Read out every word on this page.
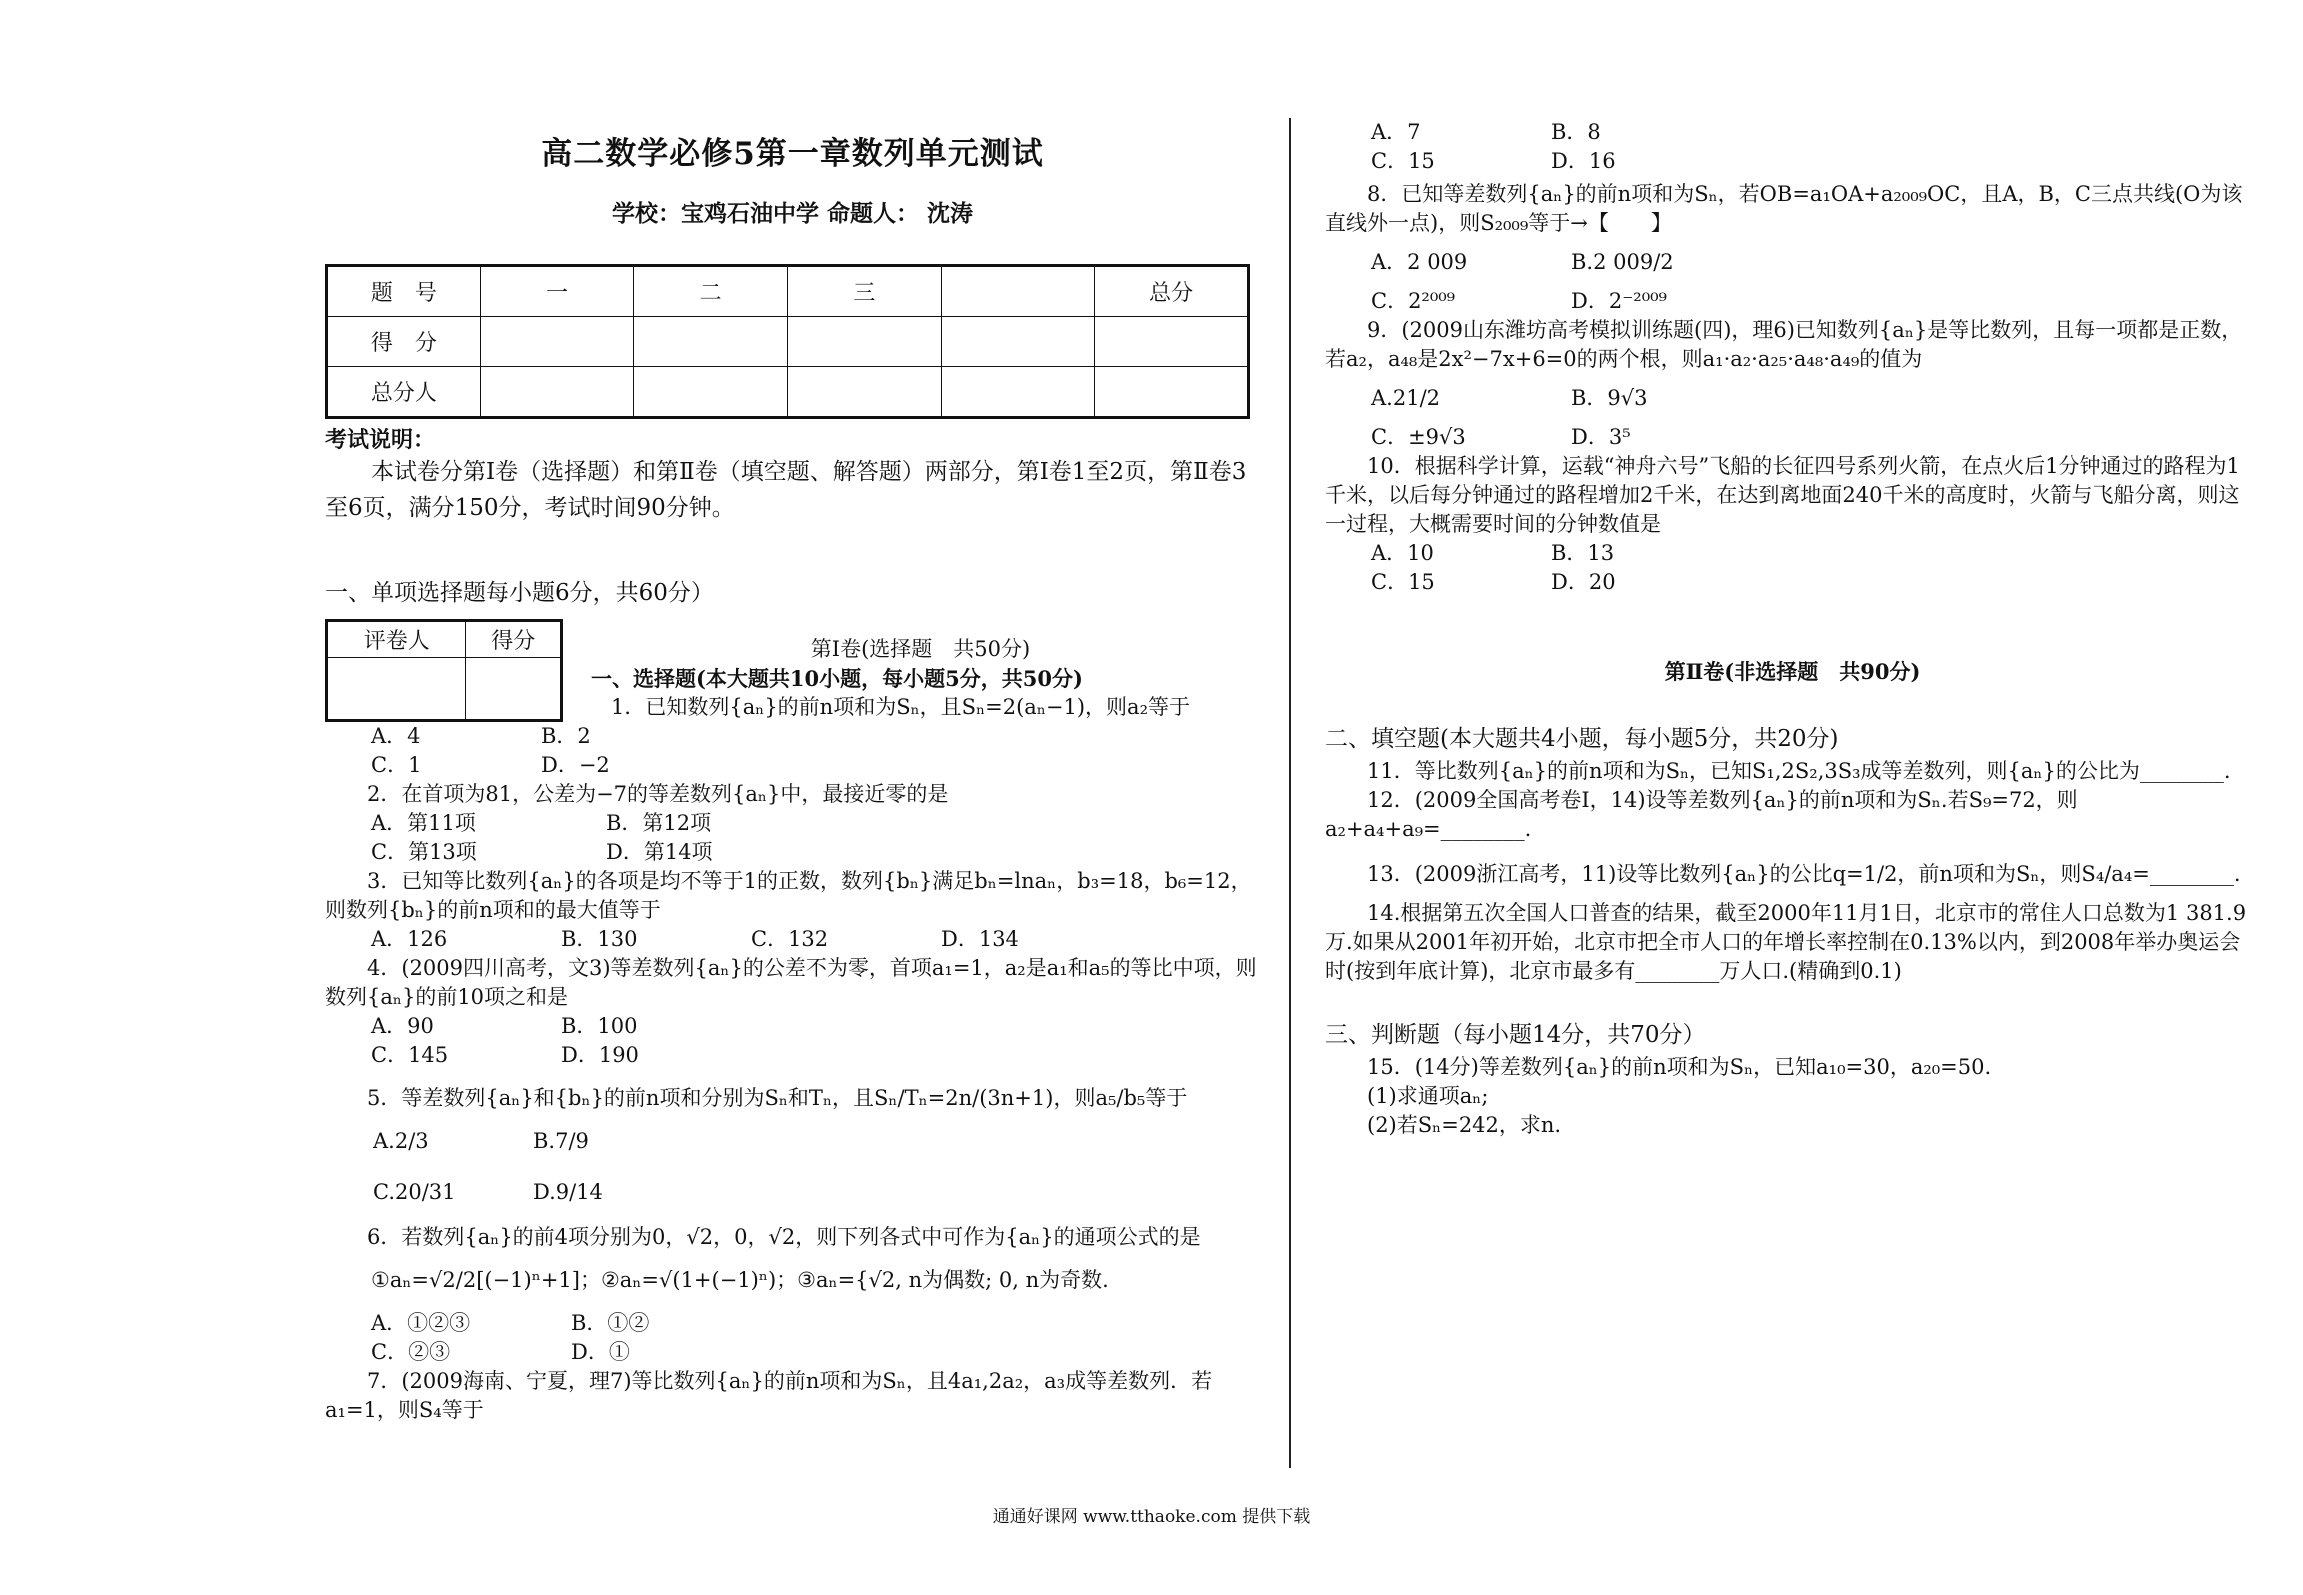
高二数学必修5第一章数列单元测试
学校：宝鸡石油中学 命题人： 沈涛
题　号	一	二	三		总分
得　分					
总分人					
考试说明：

本试卷分第Ⅰ卷（选择题）和第Ⅱ卷（填空题、解答题）两部分，第Ⅰ卷1至2页，第Ⅱ卷3至6页，满分150分，考试时间90分钟。

一、单项选择题每小题6分，共60分）
评卷人	得分
		第Ⅰ卷(选择题　共50分)

一、选择题(本大题共10小题，每小题5分，共50分)

1．已知数列{aₙ}的前n项和为Sₙ，且Sₙ=2(aₙ−1)，则a₂等于

A．4	B．2
C．1	D．−2

2．在首项为81，公差为−7的等差数列{aₙ}中，最接近零的是

A．第11项	B．第12项
C．第13项	D．第14项

3．已知等比数列{aₙ}的各项是均不等于1的正数，数列{bₙ}满足bₙ=lnaₙ，b₃=18，b₆=12，则数列{bₙ}的前n项和的最大值等于

A．126	B．130	C．132	D．134

4．(2009四川高考，文3)等差数列{aₙ}的公差不为零，首项a₁=1，a₂是a₁和a₅的等比中项，则数列{aₙ}的前10项之和是

A．90	B．100
C．145	D．190

5．等差数列{aₙ}和{bₙ}的前n项和分别为Sₙ和Tₙ，且Sₙ/Tₙ=2n/(3n+1)，则a₅/b₅等于

A.2/3	B.7/9
C.20/31	D.9/14

6．若数列{aₙ}的前4项分别为0，√2，0，√2，则下列各式中可作为{aₙ}的通项公式的是

①aₙ=√2/2[(−1)ⁿ+1]；②aₙ=√(1+(−1)ⁿ)；③aₙ={√2, n为偶数; 0, n为奇数.

A．①②③	B．①②
C．②③	D．①

7．(2009海南、宁夏，理7)等比数列{aₙ}的前n项和为Sₙ，且4a₁,2a₂，a₃成等差数列．若a₁=1，则S₄等于

A．7	B．8
C．15	D．16

8．已知等差数列{aₙ}的前n项和为Sₙ，若OB=a₁OA+a₂₀₀₉OC，且A，B，C三点共线(O为该直线外一点)，则S₂₀₀₉等于→【　　】

A．2 009	B.2 009/2
C．2²⁰⁰⁹	D．2⁻²⁰⁰⁹

9．(2009山东潍坊高考模拟训练题(四)，理6)已知数列{aₙ}是等比数列，且每一项都是正数，若a₂，a₄₈是2x²−7x+6=0的两个根，则a₁·a₂·a₂₅·a₄₈·a₄₉的值为

A.21/2	B．9√3
C．±9√3	D．3⁵

10．根据科学计算，运载“神舟六号”飞船的长征四号系列火箭，在点火后1分钟通过的路程为1千米，以后每分钟通过的路程增加2千米，在达到离地面240千米的高度时，火箭与飞船分离，则这一过程，大概需要时间的分钟数值是

A．10	B．13
C．15	D．20

第Ⅱ卷(非选择题　共90分)

二、填空题(本大题共4小题，每小题5分，共20分)

11．等比数列{aₙ}的前n项和为Sₙ，已知S₁,2S₂,3S₃成等差数列，则{aₙ}的公比为________.

12．(2009全国高考卷Ⅰ，14)设等差数列{aₙ}的前n项和为Sₙ.若S₉=72，则a₂+a₄+a₉=________.

13．(2009浙江高考，11)设等比数列{aₙ}的公比q=1/2，前n项和为Sₙ，则S₄/a₄=________.

14.根据第五次全国人口普查的结果，截至2000年11月1日，北京市的常住人口总数为1 381.9万.如果从2001年初开始，北京市把全市人口的年增长率控制在0.13%以内，到2008年举办奥运会时(按到年底计算)，北京市最多有________万人口.(精确到0.1)

三、判断题（每小题14分，共70分）

15．(14分)等差数列{aₙ}的前n项和为Sₙ，已知a₁₀=30，a₂₀=50.

(1)求通项aₙ;

(2)若Sₙ=242，求n.

通通好课网 www.tthaoke.com 提供下载
